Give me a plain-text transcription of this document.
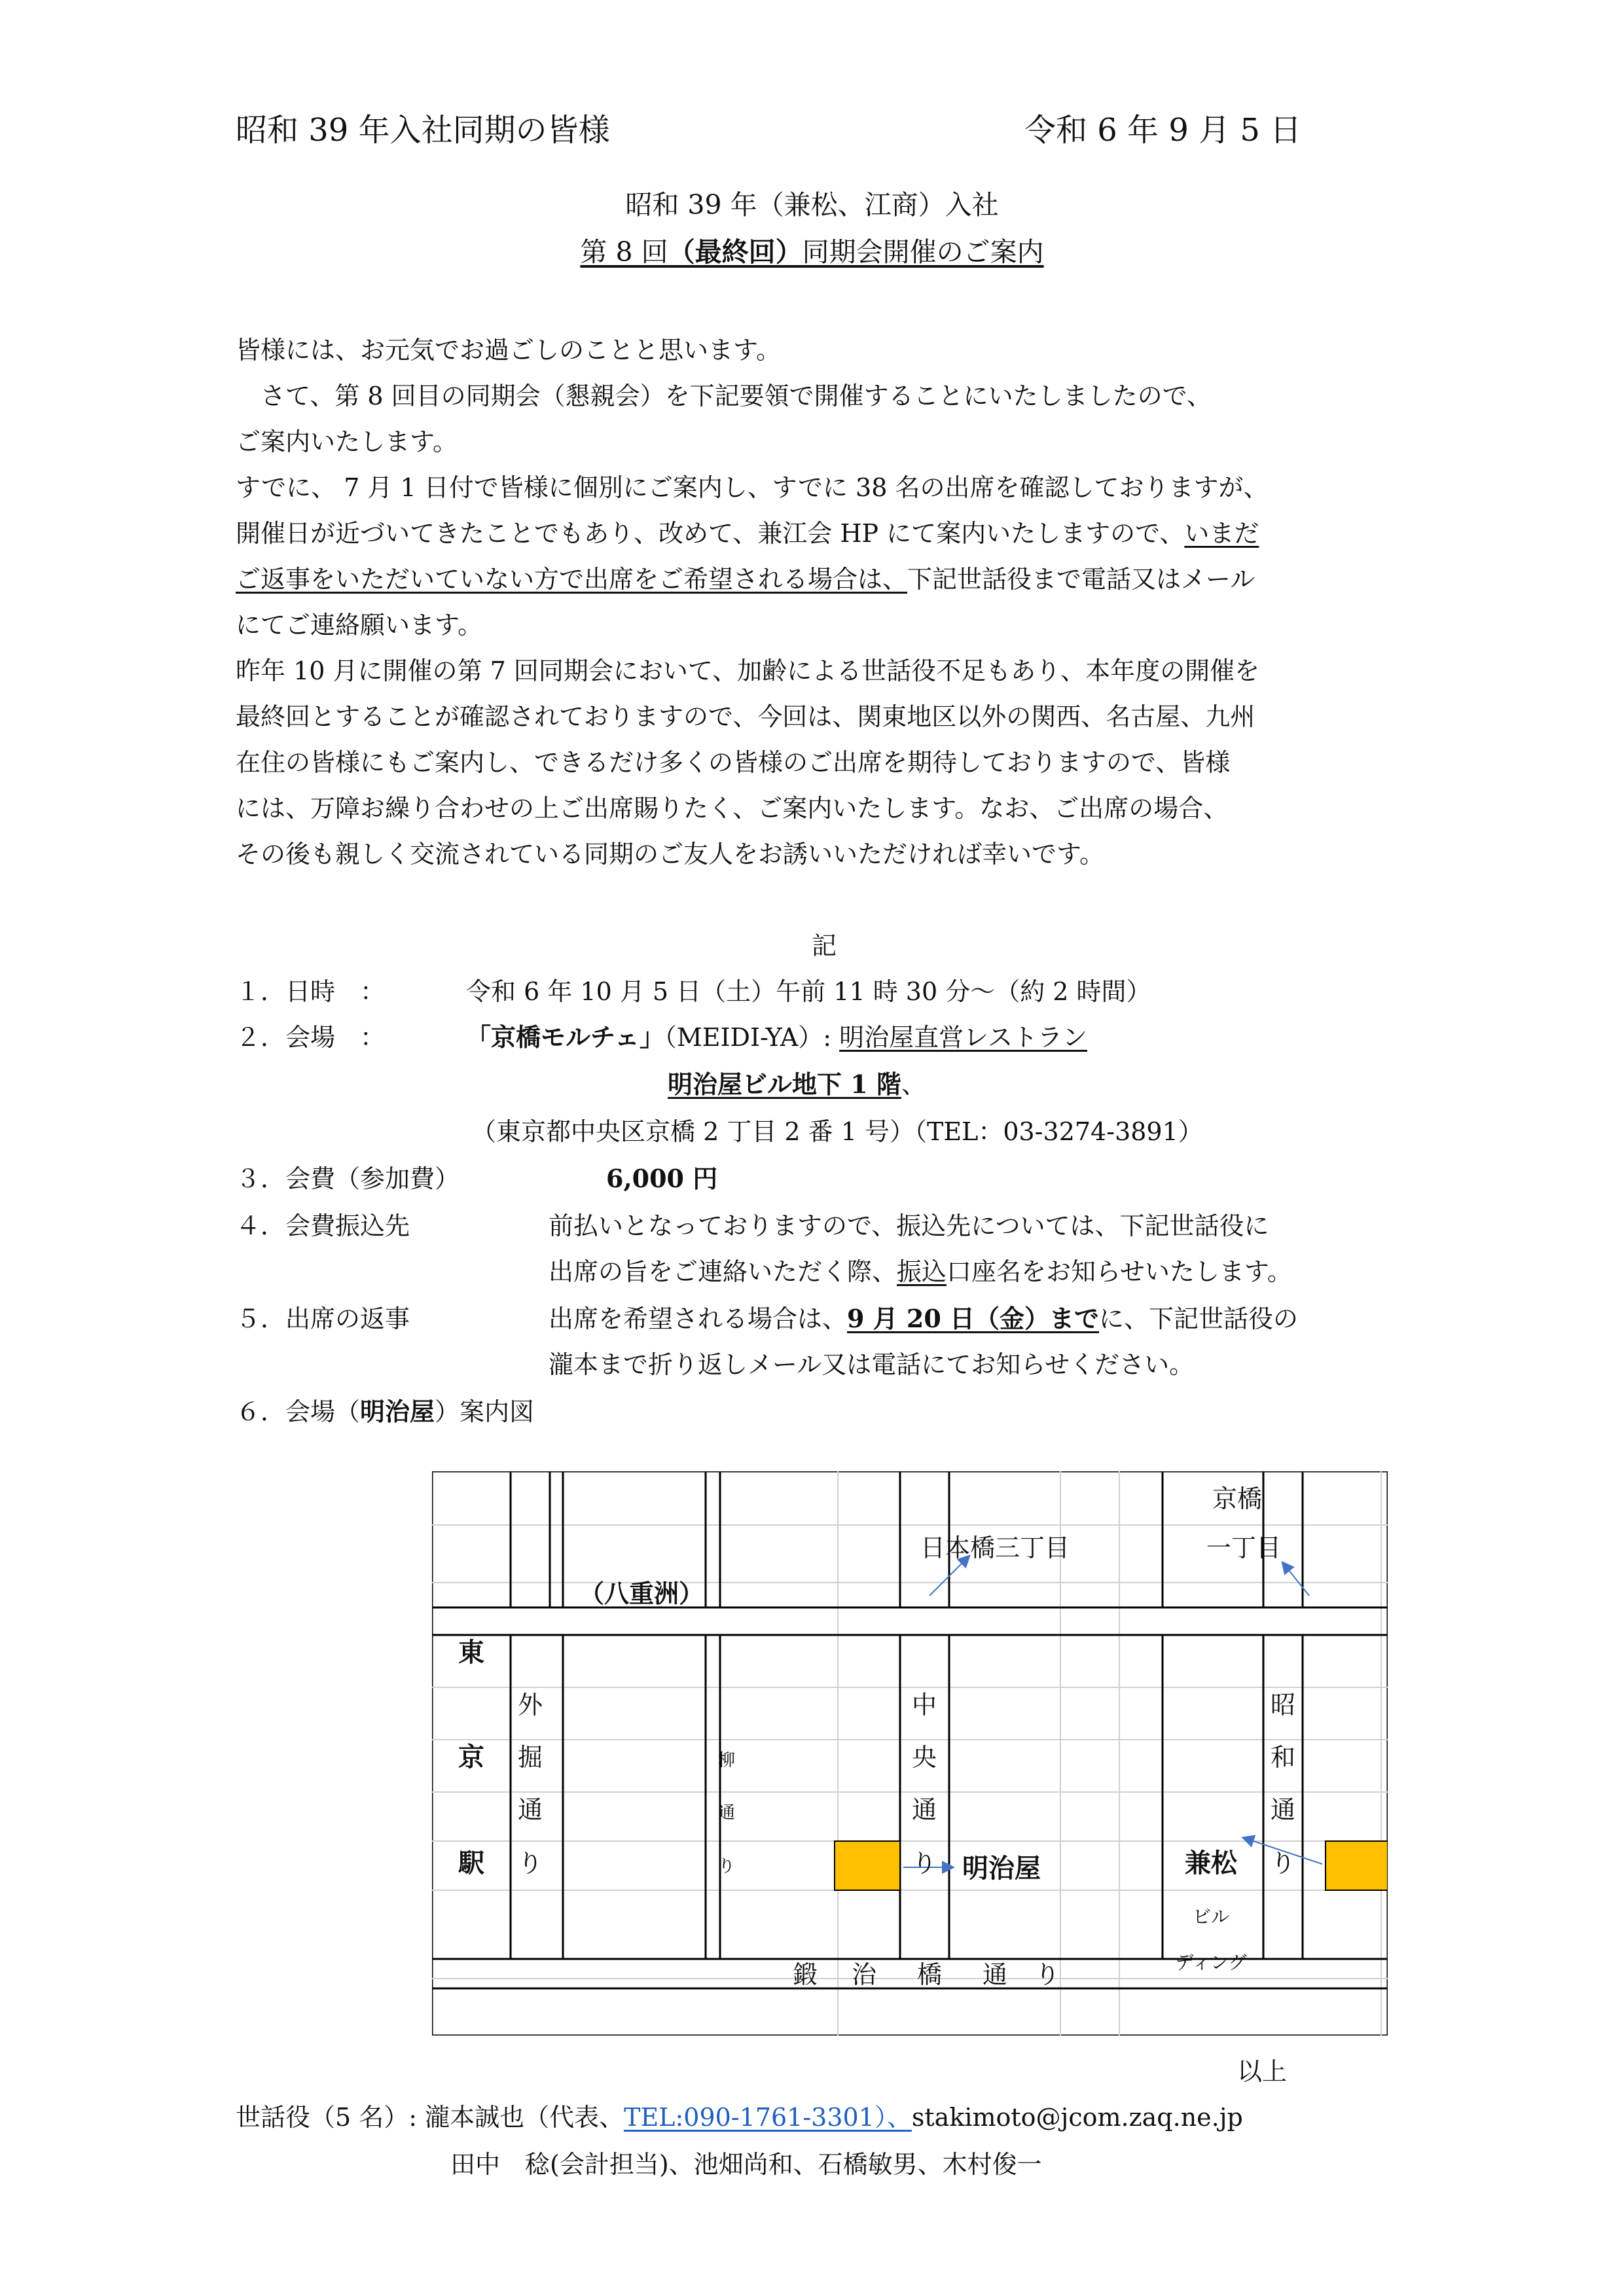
昭和 39 年入社同期の皆様	令和 6 年 9 月 5 日
昭和 39 年（兼松、江商）入社
第 8 回（最終回）同期会開催のご案内

皆様には、お元気でお過ごしのことと思います。

　さて、第 8 回目の同期会（懇親会）を下記要領で開催することにいたしましたので、

ご案内いたします。

すでに、 7 月 1 日付で皆様に個別にご案内し、すでに 38 名の出席を確認しておりますが、

開催日が近づいてきたことでもあり、改めて、兼江会 HP にて案内いたしますので、いまだ

ご返事をいただいていない方で出席をご希望される場合は、下記世話役まで電話又はメール

にてご連絡願います。

昨年 10 月に開催の第 7 回同期会において、加齢による世話役不足もあり、本年度の開催を

最終回とすることが確認されておりますので、今回は、関東地区以外の関西、名古屋、九州

在住の皆様にもご案内し、できるだけ多くの皆様のご出席を期待しておりますので、皆様

には、万障お繰り合わせの上ご出席賜りたく、ご案内いたします。なお、ご出席の場合、

その後も親しく交流されている同期のご友人をお誘いいただければ幸いです。

記
１．日時　：	令和 6 年 10 月 5 日（土）午前 11 時 30 分～（約 2 時間）
２．会場　：	「京橋モルチェ」（MEIDI-YA）: 明治屋直営レストラン
明治屋ビル地下 1 階、
（東京都中央区京橋 2 丁目 2 番 1 号）（TEL：03-3274-3891）
３．会費（参加費）	6,000 円
４．会費振込先	前払いとなっておりますので、振込先については、下記世話役に
出席の旨をご連絡いただく際、振込口座名をお知らせいたします。
５．出席の返事	出席を希望される場合は、9 月 20 日（金）までに、下記世話役の
瀧本まで折り返しメール又は電話にてお知らせください。
６．会場（明治屋）案内図
京橋
一丁目
日本橋三丁目
（八重洲）
東
京
駅
外
掘
通
り
柳
通
り
中
央
通
り
昭
和
通
り
明治屋	兼松
ビル
ディング
鍛 治 橋 通 り
以上
世話役（5 名）: 瀧本誠也（代表、TEL:090-1761-3301）、stakimoto@jcom.zaq.ne.jp
田中　稔(会計担当)、池畑尚和、石橋敏男、木村俊一
